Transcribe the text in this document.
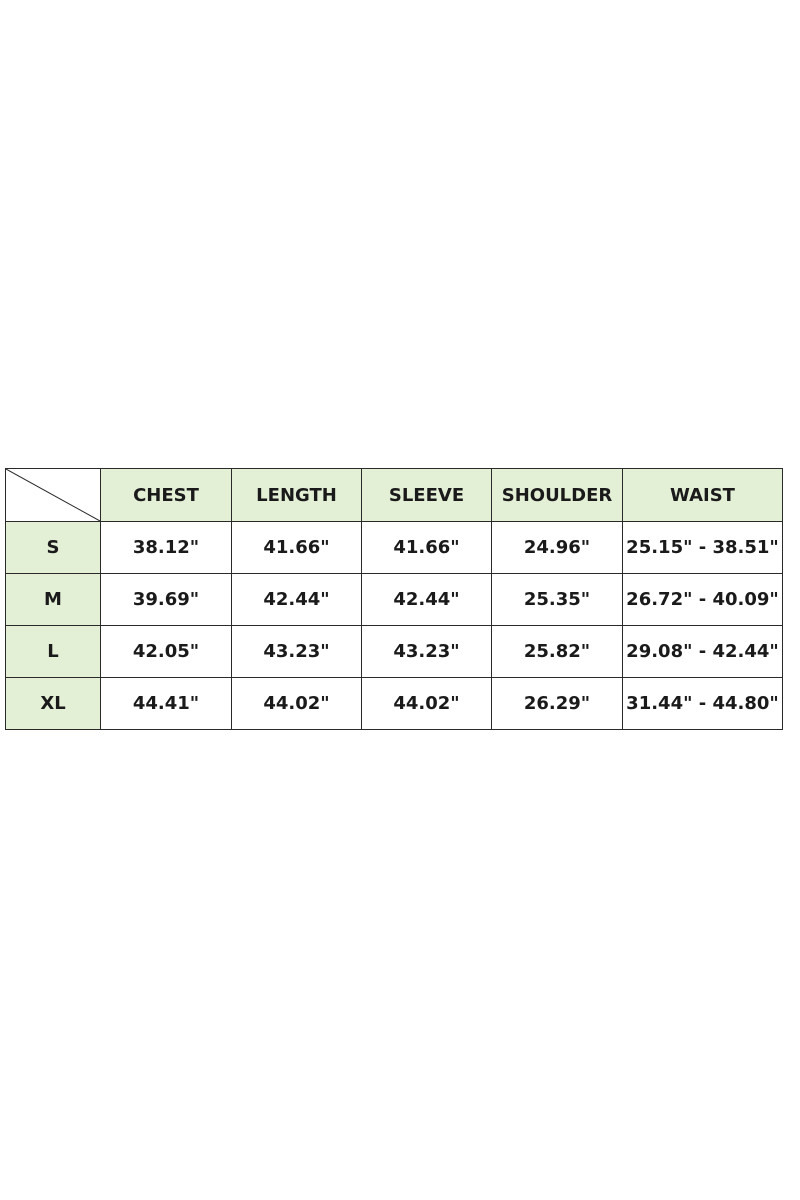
	CHEST	LENGTH	SLEEVE	SHOULDER	WAIST
S	38.12"	41.66"	41.66"	24.96"	25.15" - 38.51"
M	39.69"	42.44"	42.44"	25.35"	26.72" - 40.09"
L	42.05"	43.23"	43.23"	25.82"	29.08" - 42.44"
XL	44.41"	44.02"	44.02"	26.29"	31.44" - 44.80"
